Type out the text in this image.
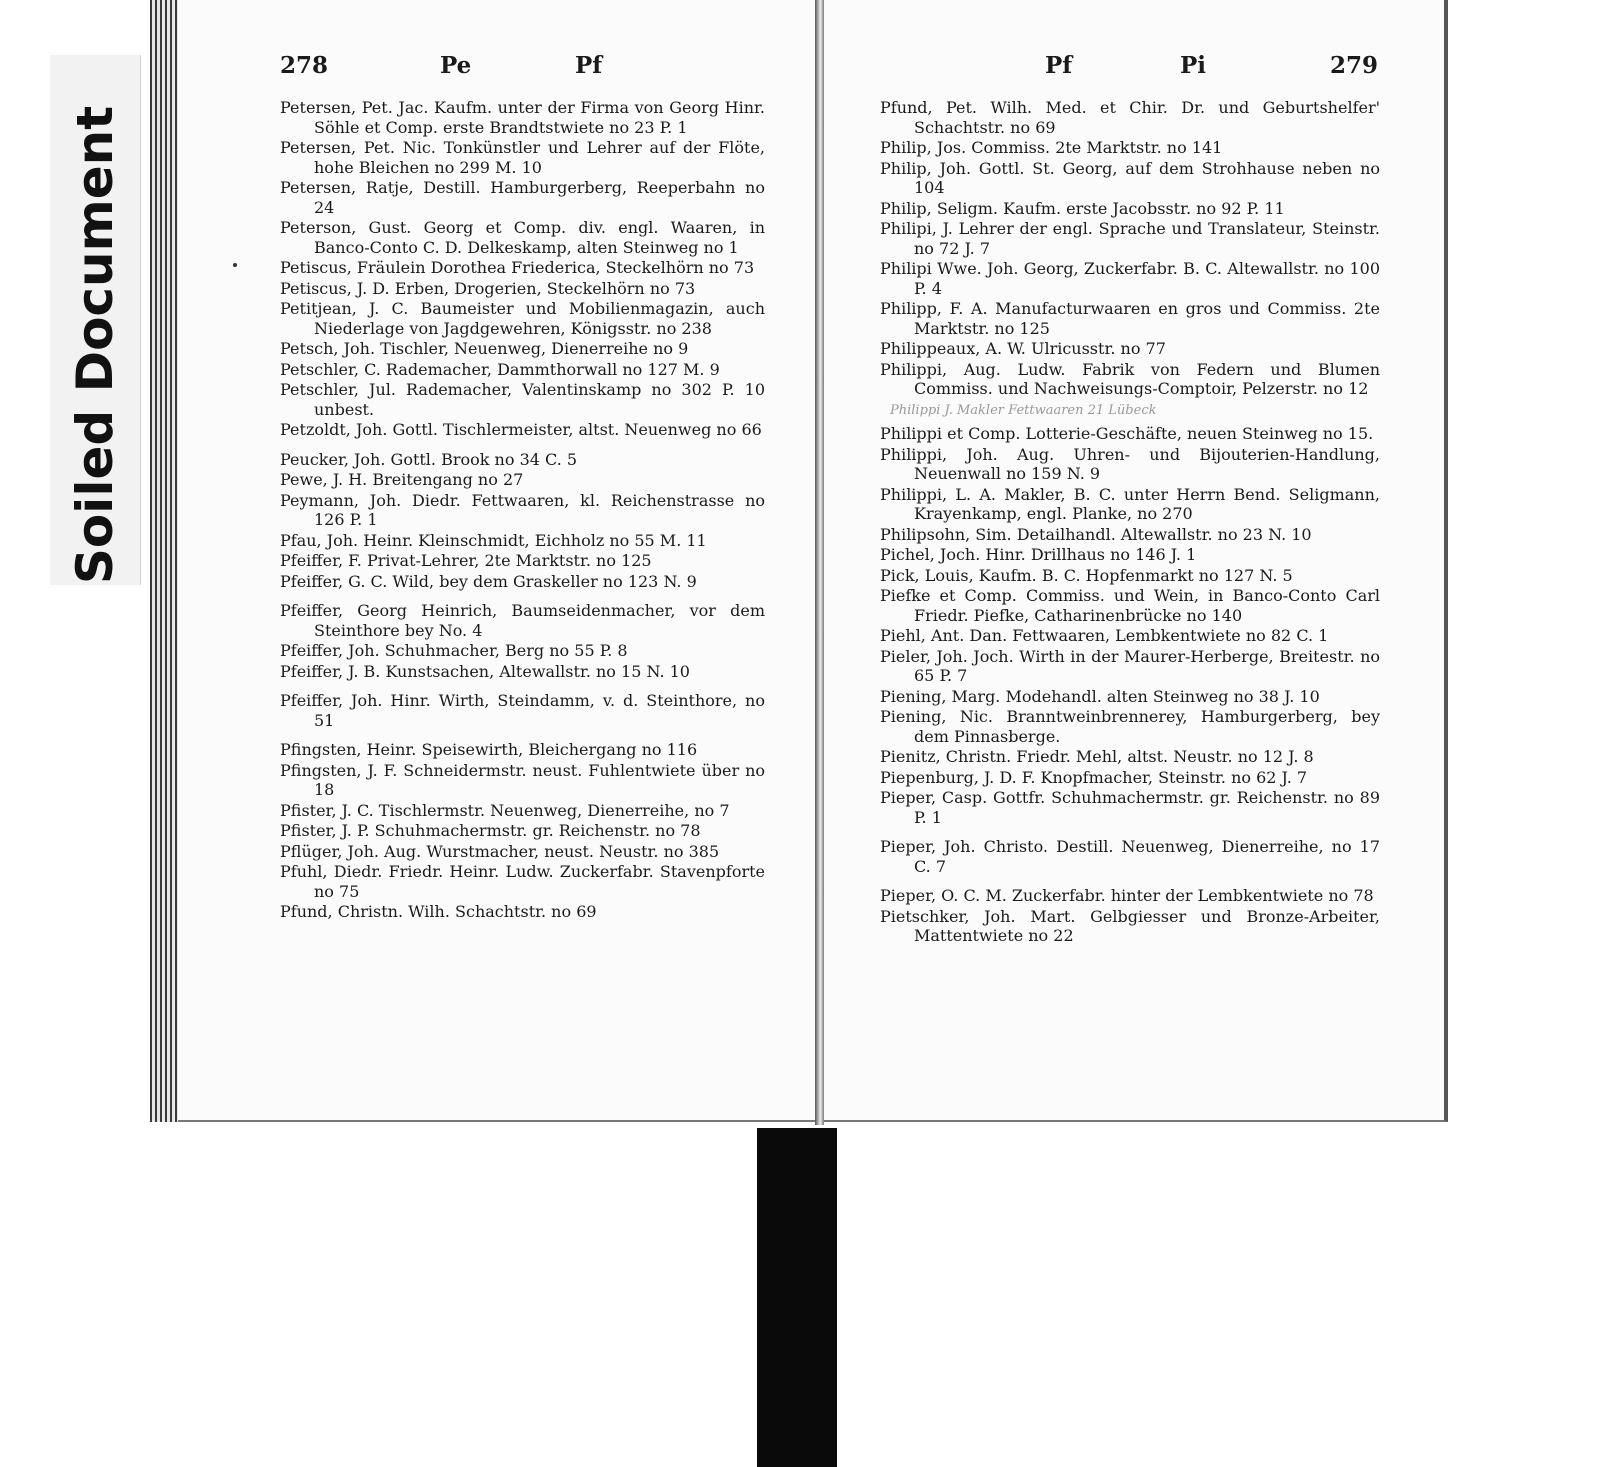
Soiled Document
278	Pe	Pf	Pf	Pi	279

Petersen, Pet. Jac. Kaufm. unter der Firma von Georg Hinr. Söhle et Comp. erste Brandtstwiete no 23 P. 1

Petersen, Pet. Nic. Tonkünstler und Lehrer auf der Flöte, hohe Bleichen no 299 M. 10

Petersen, Ratje, Destill. Hamburgerberg, Reeperbahn no 24

Peterson, Gust. Georg et Comp. div. engl. Waaren, in Banco-Conto C. D. Delkeskamp, alten Steinweg no 1

Petiscus, Fräulein Dorothea Friederica, Steckelhörn no 73

Petiscus, J. D. Erben, Drogerien, Steckelhörn no 73

Petitjean, J. C. Baumeister und Mobilienmagazin, auch Niederlage von Jagdgewehren, Königsstr. no 238

Petsch, Joh. Tischler, Neuenweg, Dienerreihe no 9

Petschler, C. Rademacher, Dammthorwall no 127 M. 9

Petschler, Jul. Rademacher, Valentinskamp no 302 P. 10 unbest.

Petzoldt, Joh. Gottl. Tischlermeister, altst. Neuenweg no 66

Peucker, Joh. Gottl. Brook no 34 C. 5

Pewe, J. H. Breitengang no 27

Peymann, Joh. Diedr. Fettwaaren, kl. Reichenstrasse no 126 P. 1

Pfau, Joh. Heinr. Kleinschmidt, Eichholz no 55 M. 11

Pfeiffer, F. Privat-Lehrer, 2te Marktstr. no 125

Pfeiffer, G. C. Wild, bey dem Graskeller no 123 N. 9

Pfeiffer, Georg Heinrich, Baumseidenmacher, vor dem Steinthore bey No. 4

Pfeiffer, Joh. Schuhmacher, Berg no 55 P. 8

Pfeiffer, J. B. Kunstsachen, Altewallstr. no 15 N. 10

Pfeiffer, Joh. Hinr. Wirth, Steindamm, v. d. Steinthore, no 51

Pfingsten, Heinr. Speisewirth, Bleichergang no 116

Pfingsten, J. F. Schneidermstr. neust. Fuhlentwiete über no 18

Pfister, J. C. Tischlermstr. Neuenweg, Dienerreihe, no 7

Pfister, J. P. Schuhmachermstr. gr. Reichenstr. no 78

Pflüger, Joh. Aug. Wurstmacher, neust. Neustr. no 385

Pfuhl, Diedr. Friedr. Heinr. Ludw. Zuckerfabr. Stavenpforte no 75

Pfund, Christn. Wilh. Schachtstr. no 69

Pfund, Pet. Wilh. Med. et Chir. Dr. und Geburtshelfer' Schachtstr. no 69

Philip, Jos. Commiss. 2te Marktstr. no 141

Philip, Joh. Gottl. St. Georg, auf dem Strohhause neben no 104

Philip, Seligm. Kaufm. erste Jacobsstr. no 92 P. 11

Philipi, J. Lehrer der engl. Sprache und Translateur, Steinstr. no 72 J. 7

Philipi Wwe. Joh. Georg, Zuckerfabr. B. C. Altewallstr. no 100 P. 4

Philipp, F. A. Manufacturwaaren en gros und Commiss. 2te Marktstr. no 125

Philippeaux, A. W. Ulricusstr. no 77

Philippi, Aug. Ludw. Fabrik von Federn und Blumen Commiss. und Nachweisungs-Comptoir, Pelzerstr. no 12

Philippi J. Makler Fettwaaren 21 Lübeck

Philippi et Comp. Lotterie-Geschäfte, neuen Steinweg no 15.

Philippi, Joh. Aug. Uhren- und Bijouterien-Handlung, Neuenwall no 159 N. 9

Philippi, L. A. Makler, B. C. unter Herrn Bend. Seligmann, Krayenkamp, engl. Planke, no 270

Philipsohn, Sim. Detailhandl. Altewallstr. no 23 N. 10

Pichel, Joch. Hinr. Drillhaus no 146 J. 1

Pick, Louis, Kaufm. B. C. Hopfenmarkt no 127 N. 5

Piefke et Comp. Commiss. und Wein, in Banco-Conto Carl Friedr. Piefke, Catharinenbrücke no 140

Piehl, Ant. Dan. Fettwaaren, Lembkentwiete no 82 C. 1

Pieler, Joh. Joch. Wirth in der Maurer-Herberge, Breitestr. no 65 P. 7

Piening, Marg. Modehandl. alten Steinweg no 38 J. 10

Piening, Nic. Branntweinbrennerey, Hamburgerberg, bey dem Pinnasberge.

Pienitz, Christn. Friedr. Mehl, altst. Neustr. no 12 J. 8

Piepenburg, J. D. F. Knopfmacher, Steinstr. no 62 J. 7

Pieper, Casp. Gottfr. Schuhmachermstr. gr. Reichenstr. no 89 P. 1

Pieper, Joh. Christo. Destill. Neuenweg, Dienerreihe, no 17 C. 7

Pieper, O. C. M. Zuckerfabr. hinter der Lembkentwiete no 78

Pietschker, Joh. Mart. Gelbgiesser und Bronze-Arbeiter, Mattentwiete no 22
